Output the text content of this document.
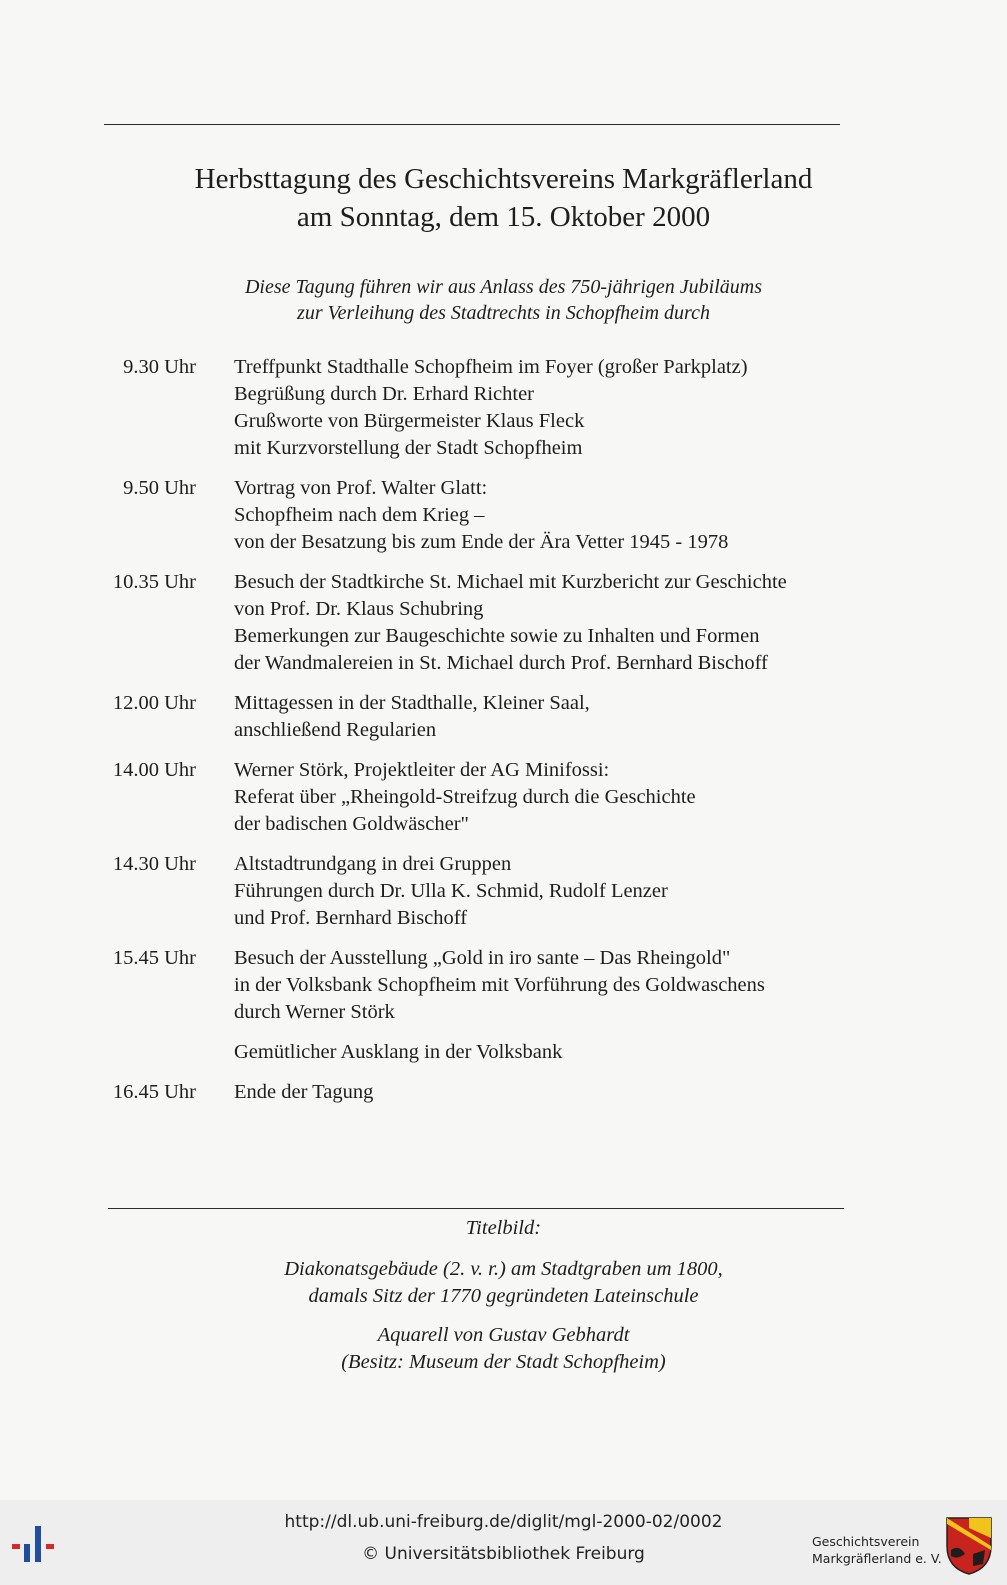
Herbsttagung des Geschichtsvereins Markgräflerland
am Sonntag, dem 15. Oktober 2000
Diese Tagung führen wir aus Anlass des 750-jährigen Jubiläums
zur Verleihung des Stadtrechts in Schopfheim durch
9.30 Uhr Treffpunkt Stadthalle Schopfheim im Foyer (großer Parkplatz)
Begrüßung durch Dr. Erhard Richter
Grußworte von Bürgermeister Klaus Fleck
mit Kurzvorstellung der Stadt Schopfheim
9.50 Uhr Vortrag von Prof. Walter Glatt:
Schopfheim nach dem Krieg –
von der Besatzung bis zum Ende der Ära Vetter 1945 - 1978
10.35 Uhr Besuch der Stadtkirche St. Michael mit Kurzbericht zur Geschichte
von Prof. Dr. Klaus Schubring
Bemerkungen zur Baugeschichte sowie zu Inhalten und Formen
der Wandmalereien in St. Michael durch Prof. Bernhard Bischoff
12.00 Uhr Mittagessen in der Stadthalle, Kleiner Saal,
anschließend Regularien
14.00 Uhr Werner Störk, Projektleiter der AG Minifossi:
Referat über „Rheingold-Streifzug durch die Geschichte
der badischen Goldwäscher"
14.30 Uhr Altstadtrundgang in drei Gruppen
Führungen durch Dr. Ulla K. Schmid, Rudolf Lenzer
und Prof. Bernhard Bischoff
15.45 Uhr Besuch der Ausstellung „Gold in iro sante – Das Rheingold"
in der Volksbank Schopfheim mit Vorführung des Goldwaschens
durch Werner Störk
Gemütlicher Ausklang in der Volksbank
16.45 Uhr Ende der Tagung
Titelbild:
Diakonatsgebäude (2. v. r.) am Stadtgraben um 1800,
damals Sitz der 1770 gegründeten Lateinschule
Aquarell von Gustav Gebhardt
(Besitz: Museum der Stadt Schopfheim)
http://dl.ub.uni-freiburg.de/diglit/mgl-2000-02/0002
© Universitätsbibliothek Freiburg
Geschichtsverein
Markgräflerland e. V.
